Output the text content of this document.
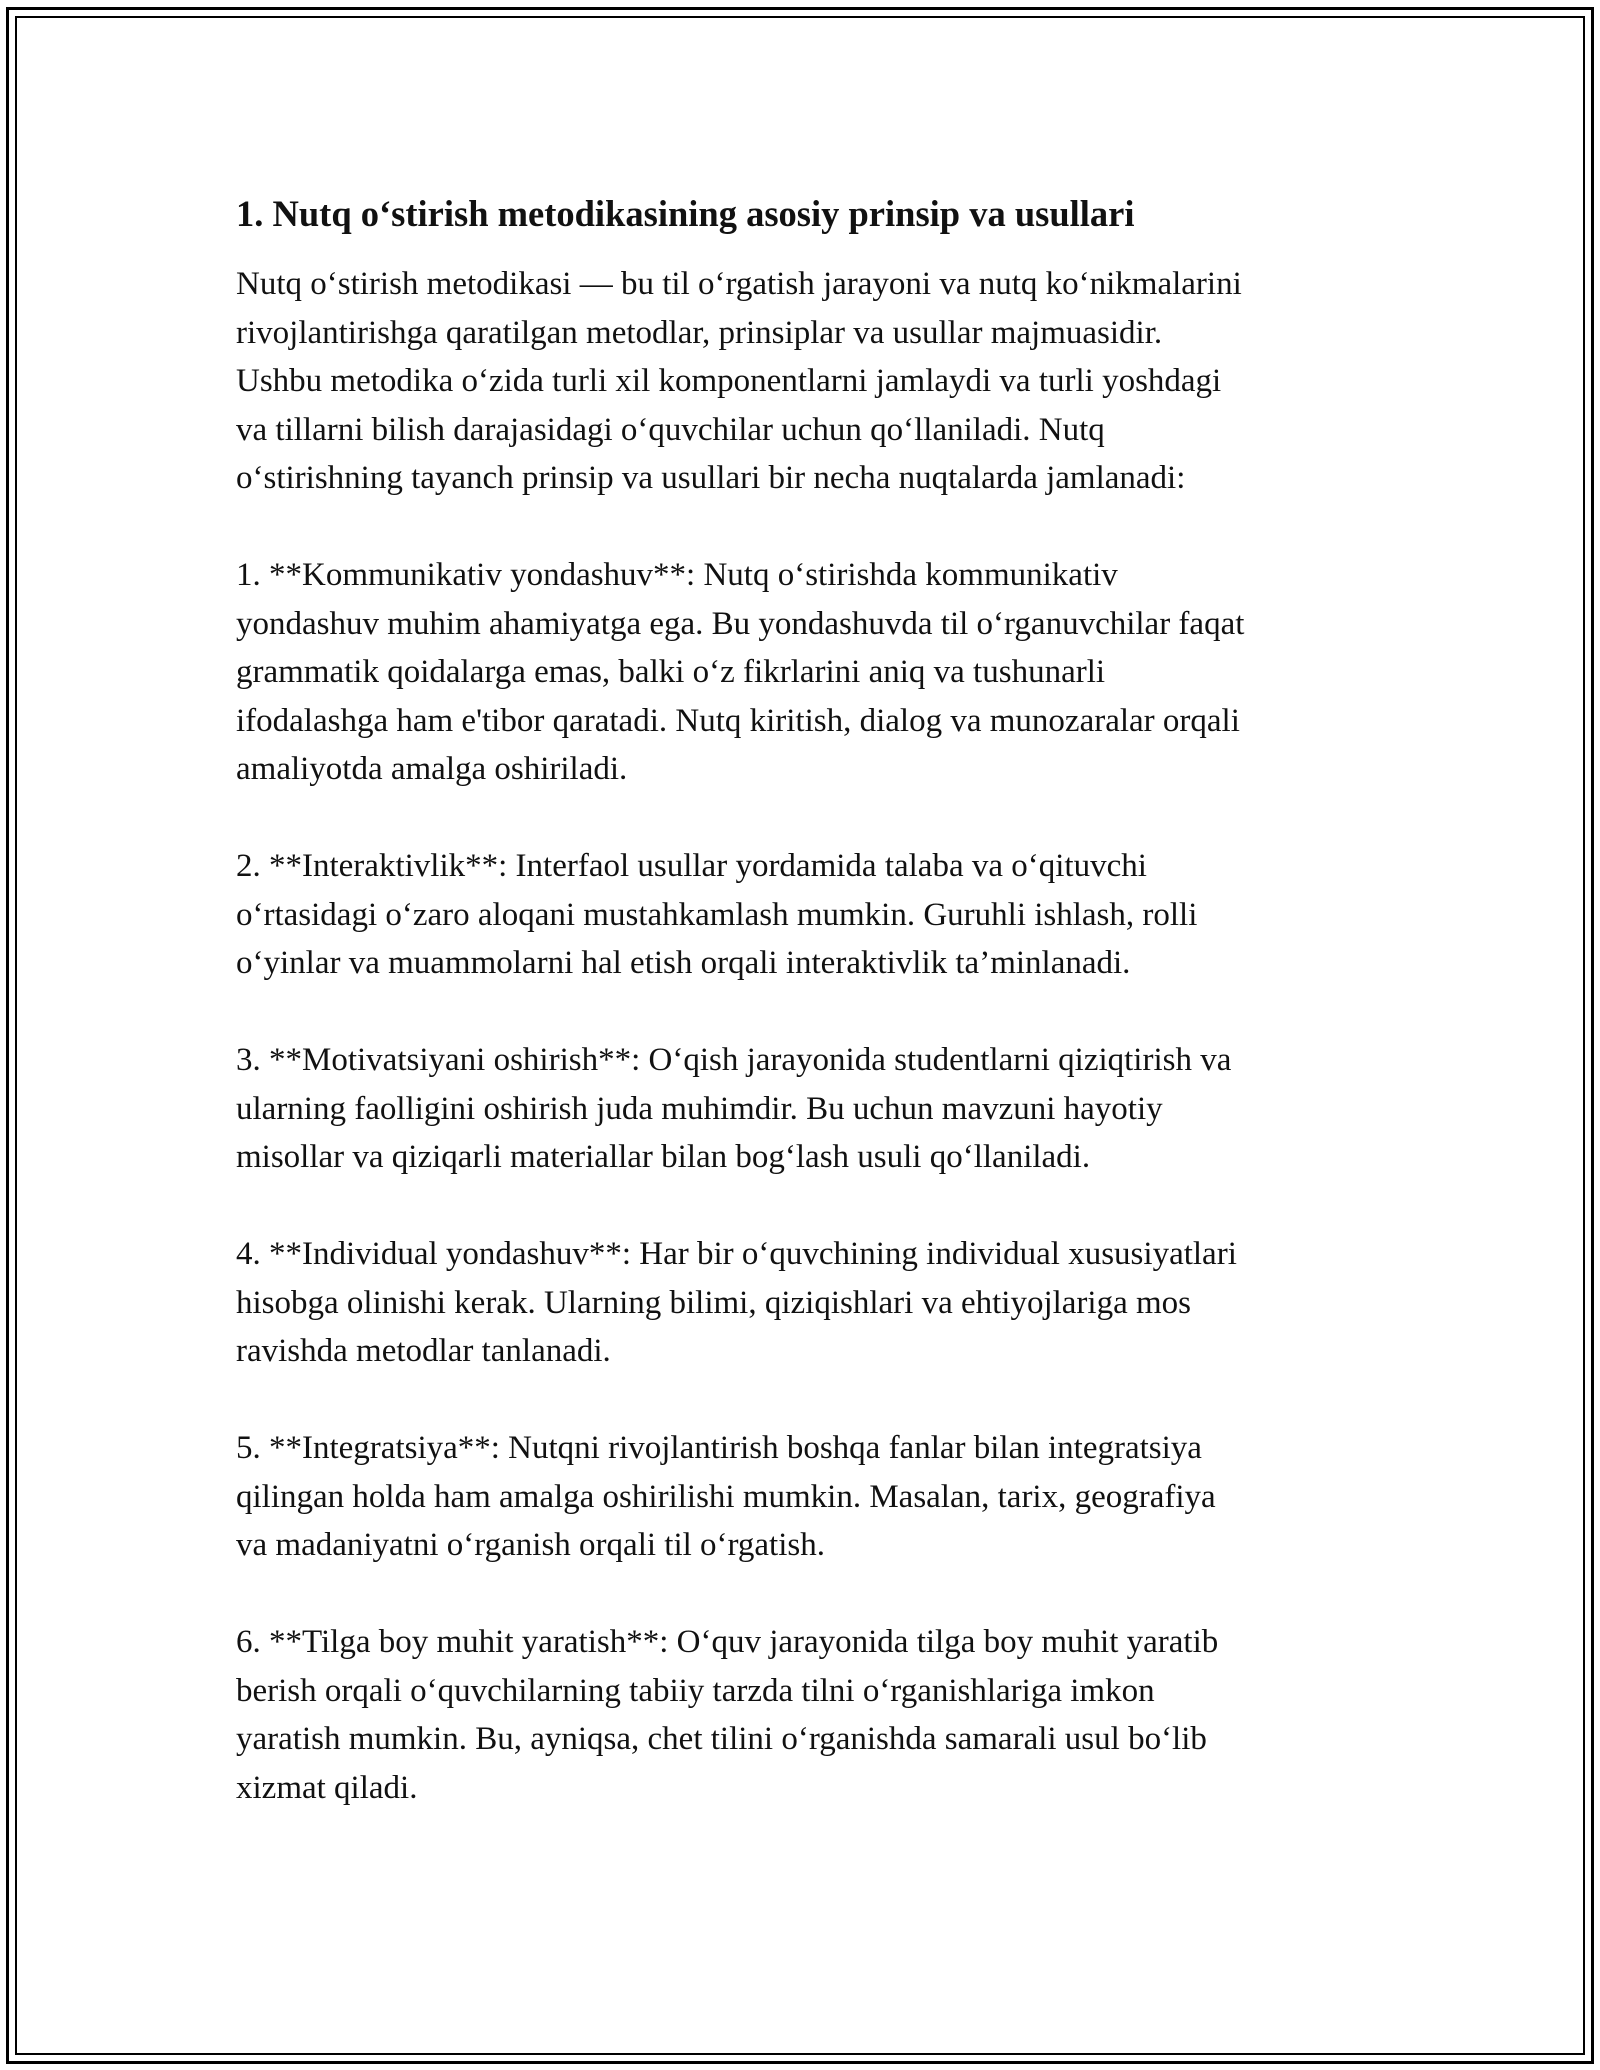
1. Nutq o‘stirish metodikasining asosiy prinsip va usullari
Nutq o‘stirish metodikasi — bu til o‘rgatish jarayoni va nutq ko‘nikmalarini
rivojlantirishga qaratilgan metodlar, prinsiplar va usullar majmuasidir.
Ushbu metodika o‘zida turli xil komponentlarni jamlaydi va turli yoshdagi
va tillarni bilish darajasidagi o‘quvchilar uchun qo‘llaniladi. Nutq
o‘stirishning tayanch prinsip va usullari bir necha nuqtalarda jamlanadi:
1. **Kommunikativ yondashuv**: Nutq o‘stirishda kommunikativ
yondashuv muhim ahamiyatga ega. Bu yondashuvda til o‘rganuvchilar faqat
grammatik qoidalarga emas, balki o‘z fikrlarini aniq va tushunarli
ifodalashga ham e'tibor qaratadi. Nutq kiritish, dialog va munozaralar orqali
amaliyotda amalga oshiriladi.
2. **Interaktivlik**: Interfaol usullar yordamida talaba va o‘qituvchi
o‘rtasidagi o‘zaro aloqani mustahkamlash mumkin. Guruhli ishlash, rolli
o‘yinlar va muammolarni hal etish orqali interaktivlik ta’minlanadi.
3. **Motivatsiyani oshirish**: O‘qish jarayonida studentlarni qiziqtirish va
ularning faolligini oshirish juda muhimdir. Bu uchun mavzuni hayotiy
misollar va qiziqarli materiallar bilan bog‘lash usuli qo‘llaniladi.
4. **Individual yondashuv**: Har bir o‘quvchining individual xususiyatlari
hisobga olinishi kerak. Ularning bilimi, qiziqishlari va ehtiyojlariga mos
ravishda metodlar tanlanadi.
5. **Integratsiya**: Nutqni rivojlantirish boshqa fanlar bilan integratsiya
qilingan holda ham amalga oshirilishi mumkin. Masalan, tarix, geografiya
va madaniyatni o‘rganish orqali til o‘rgatish.
6. **Tilga boy muhit yaratish**: O‘quv jarayonida tilga boy muhit yaratib
berish orqali o‘quvchilarning tabiiy tarzda tilni o‘rganishlariga imkon
yaratish mumkin. Bu, ayniqsa, chet tilini o‘rganishda samarali usul bo‘lib
xizmat qiladi.
